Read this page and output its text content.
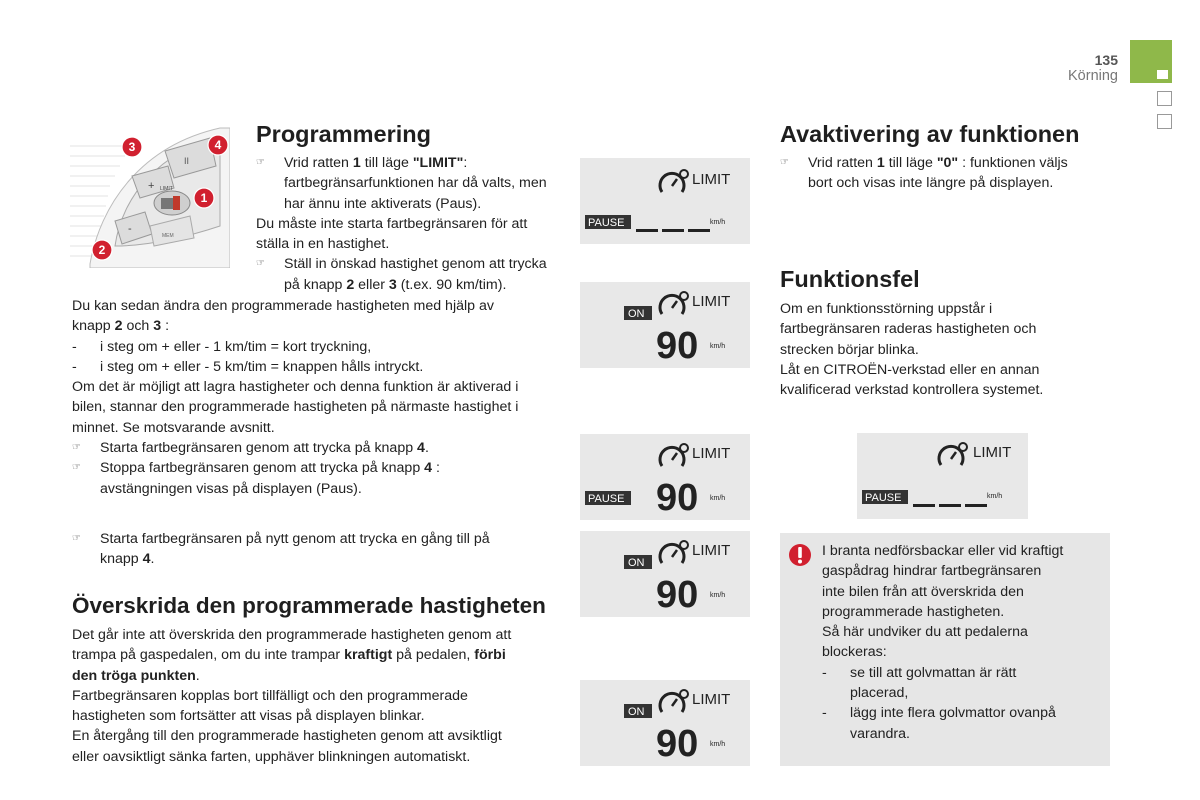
135
Körning
II
+
-
MEM
LIMIT
1
2
3	4 Programmering
☞ Vrid ratten 1 till läge "LIMIT":
fartbegränsarfunktionen har då valts, men
har ännu inte aktiverats (Paus).
Du måste inte starta fartbegränsaren för att
ställa in en hastighet.
☞ Ställ in önskad hastighet genom att trycka
på knapp 2 eller 3 (t.ex. 90 km/tim).
Du kan sedan ändra den programmerade hastigheten med hjälp av
knapp 2 och 3 :
- i steg om + eller - 1 km/tim = kort tryckning,
- i steg om + eller - 5 km/tim = knappen hålls intryckt.
Om det är möjligt att lagra hastigheter och denna funktion är aktiverad i
bilen, stannar den programmerade hastigheten på närmaste hastighet i
minnet. Se motsvarande avsnitt.
☞ Starta fartbegränsaren genom att trycka på knapp 4.
☞ Stoppa fartbegränsaren genom att trycka på knapp 4 :
avstängningen visas på displayen (Paus).
☞ Starta fartbegränsaren på nytt genom att trycka en gång till på
knapp 4.
Överskrida den programmerade hastigheten
Det går inte att överskrida den programmerade hastigheten genom att
trampa på gaspedalen, om du inte trampar kraftigt på pedalen, förbi
den tröga punkten.
Fartbegränsaren kopplas bort tillfälligt och den programmerade
hastigheten som fortsätter att visas på displayen blinkar.
En återgång till den programmerade hastigheten genom att avsiktligt
eller oavsiktligt sänka farten, upphäver blinkningen automatiskt.
LIMIT
PAUSE	km/h
LIMIT
ON
90 km/h
LIMIT
PAUSE 90 km/h
LIMIT
ON
90 km/h
LIMIT
ON
90 km/h
Avaktivering av funktionen
☞ Vrid ratten 1 till läge "0" : funktionen väljs
bort och visas inte längre på displayen.
Funktionsfel
Om en funktionsstörning uppstår i
fartbegränsaren raderas hastigheten och
strecken börjar blinka.
Låt en CITROËN-verkstad eller en annan
kvalificerad verkstad kontrollera systemet.
LIMIT
PAUSE	km/h
I branta nedförsbackar eller vid kraftigt
gaspådrag hindrar fartbegränsaren
inte bilen från att överskrida den
programmerade hastigheten.
Så här undviker du att pedalerna
blockeras:
- se till att golvmattan är rätt
placerad,
- lägg inte flera golvmattor ovanpå
varandra.
